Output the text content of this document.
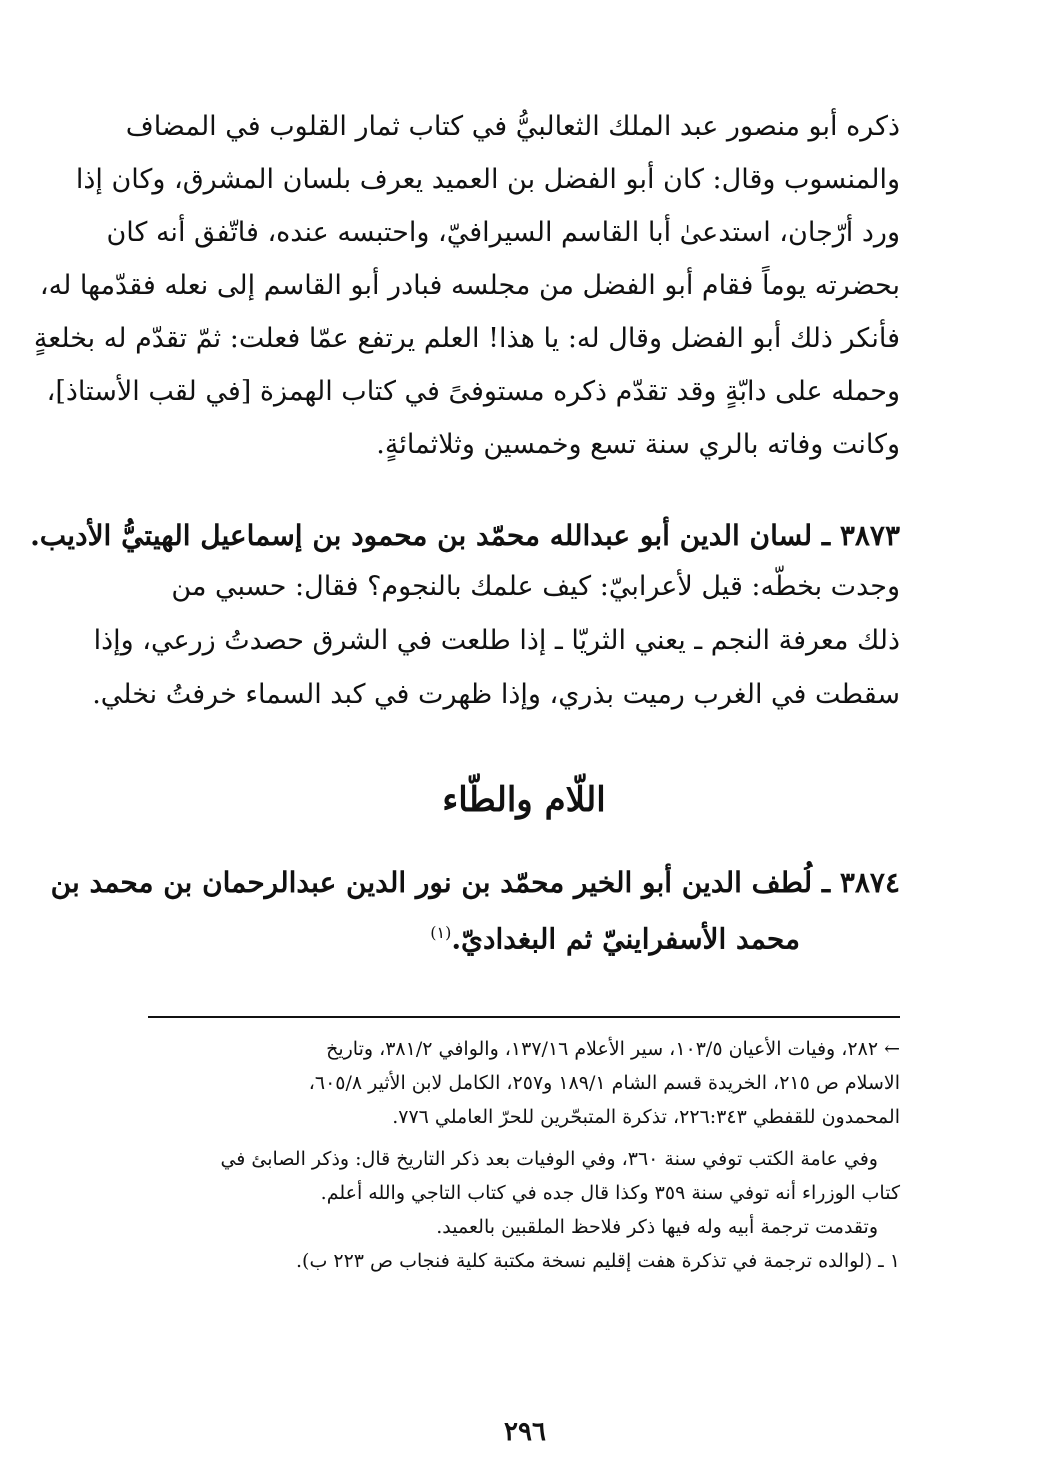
ذكره أبو منصور عبد الملك الثعالبيُّ في كتاب ثمار القلوب في المضاف
والمنسوب وقال: كان أبو الفضل بن العميد يعرف بلسان المشرق، وكان إذا
ورد أرّجان، استدعىٰ أبا القاسم السيرافيّ، واحتبسه عنده، فاتّفق أنه كان
بحضرته يوماً فقام أبو الفضل من مجلسه فبادر أبو القاسم إلى نعله فقدّمها له،
فأنكر ذلك أبو الفضل وقال له: يا هذا! العلم يرتفع عمّا فعلت: ثمّ تقدّم له بخلعةٍ
وحمله على دابّةٍ وقد تقدّم ذكره مستوفىً في كتاب الهمزة [في لقب الأستاذ]،
وكانت وفاته بالري سنة تسع وخمسين وثلاثمائةٍ.
٣٨٧٣ ـ لسان الدين أبو عبدالله محمّد بن محمود بن إسماعيل الهيتيُّ الأديب.
وجدت بخطّه: قيل لأعرابيّ: كيف علمك بالنجوم؟ فقال: حسبي من
ذلك معرفة النجم ـ يعني الثريّا ـ إذا طلعت في الشرق حصدتُ زرعي، وإذا
سقطت في الغرب رميت بذري، وإذا ظهرت في كبد السماء خرفتُ نخلي.
اللّام والطّاء
٣٨٧٤ ـ لُطف الدين أبو الخير محمّد بن نور الدين عبدالرحمان بن محمد بن
محمد الأسفراينيّ ثم البغداديّ.$^{(١)}$
← ٢٨٢، وفيات الأعيان ١٠٣/٥، سير الأعلام ١٣٧/١٦، والوافي ٣٨١/٢، وتاريخ
الاسلام ص ٢١٥، الخريدة قسم الشام ١٨٩/١ و٢٥٧، الكامل لابن الأثير ٦٠٥/٨،
المحمدون للقفطي ٢٢٦:٣٤٣، تذكرة المتبحّرين للحرّ العاملي ٧٧٦.
وفي عامة الكتب توفي سنة ٣٦٠، وفي الوفيات بعد ذكر التاريخ قال: وذكر الصابئ في
كتاب الوزراء أنه توفي سنة ٣٥٩ وكذا قال جده في كتاب التاجي والله أعلم.
وتقدمت ترجمة أبيه وله فيها ذكر فلاحظ الملقبين بالعميد.
١ ـ (لوالده ترجمة في تذكرة هفت إقليم نسخة مكتبة كلية فنجاب ص ٢٢٣ ب).
٢٩٦
